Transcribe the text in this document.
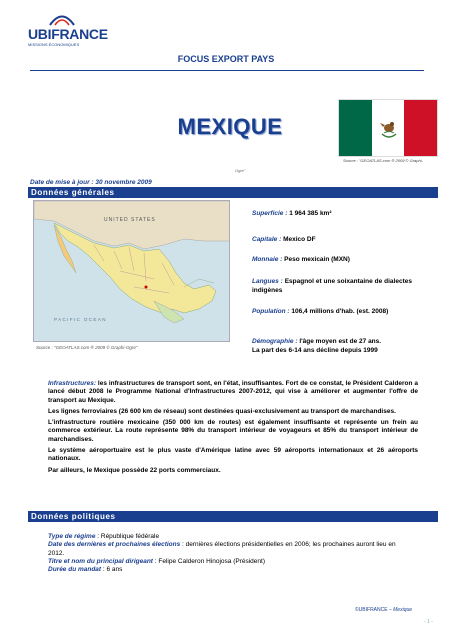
UBIFRANCE
MISSIONS ÉCONOMIQUES
FOCUS EXPORT PAYS
MEXIQUE
Source : "GEOATLAS.com ® 2009 © Graphi-
Ogre"
Date de mise à jour : 30 novembre 2009
Données générales
UNITED STATES
PACIFIC OCEAN
Source : "GEOATLAS.com ® 2009 © Graphi-Ogre"
Superficie : 1 964 385 km²
Capitale : Mexico DF
Monnaie : Peso mexicain (MXN)
Langues : Espagnol et une soixantaine de dialectes indigènes
Population : 106,4 millions d'hab. (est. 2008)
Démographie : l'âge moyen est de 27 ans.
La part des 6-14 ans décline depuis 1999

Infrastructures: les infrastructures de transport sont, en l'état, insuffisantes. Fort de ce constat, le Président Calderon a lancé début 2008 le Programme National d'Infrastructures 2007-2012, qui vise à améliorer et augmenter l'offre de transport au Mexique.

Les lignes ferroviaires (26 600 km de réseau) sont destinées quasi-exclusivement au transport de marchandises.

L'infrastructure routière mexicaine (350 000 km de routes) est également insuffisante et représente un frein au commerce extérieur. La route représente 98% du transport intérieur de voyageurs et 85% du transport intérieur de marchandises.

Le système aéroportuaire est le plus vaste d'Amérique latine avec 59 aéroports internationaux et 26 aéroports nationaux.

Par ailleurs, le Mexique possède 22 ports commerciaux.

Données politiques
Type de régime : République fédérale
Date des dernières et prochaines élections : dernières élections présidentielles en 2006; les prochaines auront lieu en 2012.
Titre et nom du principal dirigeant : Felipe Calderon Hinojosa (Président)
Durée du mandat : 6 ans
©UBIFRANCE – Mexique
- 1 -
